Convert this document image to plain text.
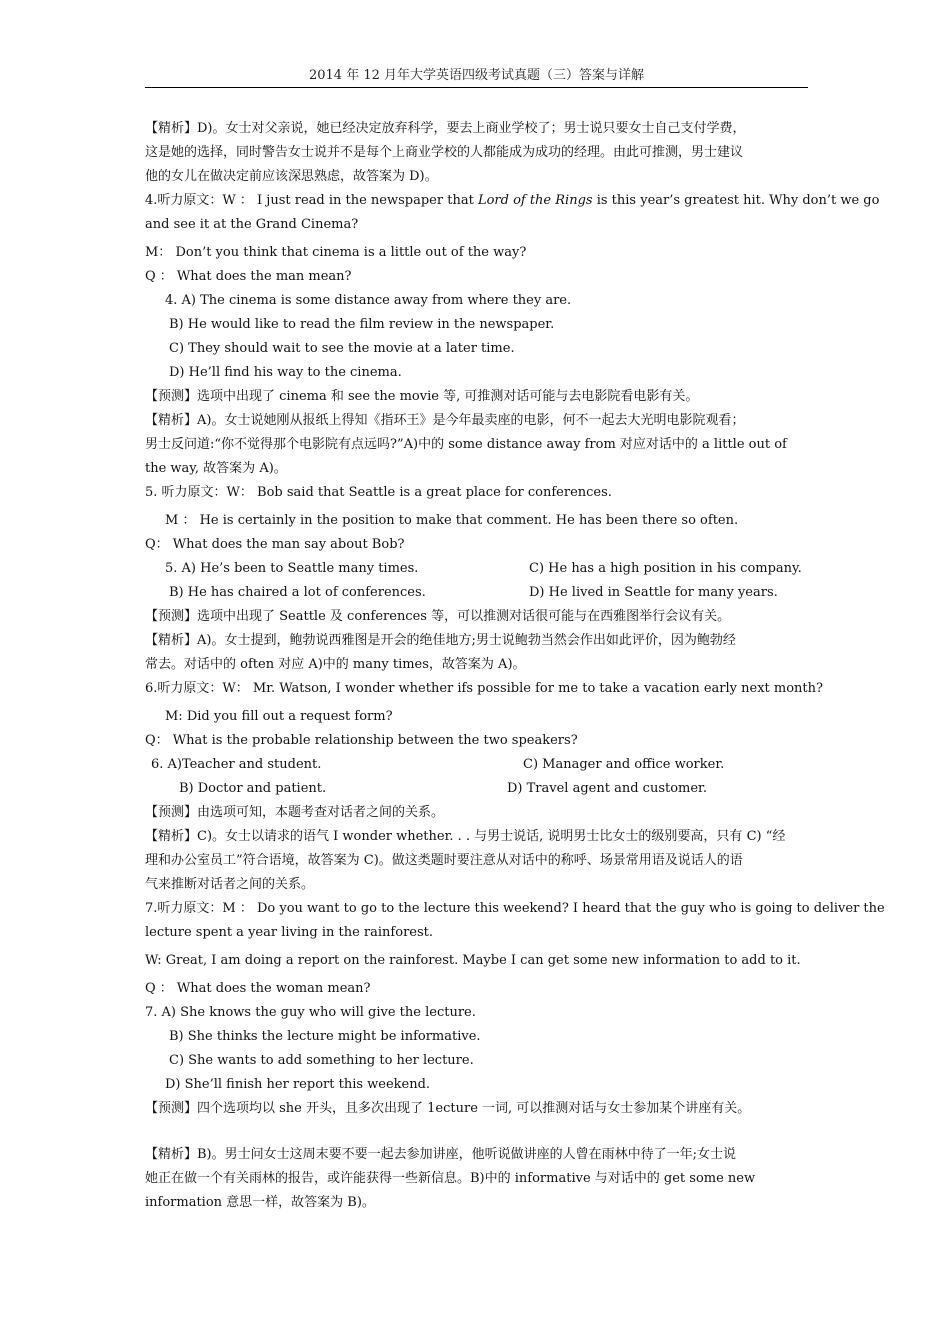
2014 年 12 月年大学英语四级考试真题（三）答案与详解
【精析】D)。女士对父亲说，她已经决定放弃科学，要去上商业学校了；男士说只要女士自己支付学费，
这是她的选择，同时警告女士说并不是每个上商业学校的人都能成为成功的经理。由此可推测，男士建议
他的女儿在做决定前应该深思熟虑，故答案为 D)。
4.听力原文：W ： I just read in the newspaper that Lord of the Rings is this year’s greatest hit. Why don’t we go
and see it at the Grand Cinema?
M： Don’t you think that cinema is a little out of the way?
Q ： What does the man mean?
4. A) The cinema is some distance away from where they are.
B) He would like to read the film review in the newspaper.
C) They should wait to see the movie at a later time.
D) He’ll find his way to the cinema.
【预测】选项中出现了 cinema 和 see the movie 等, 可推测对话可能与去电影院看电影有关。
【精析】A)。女士说她刚从报纸上得知《指环王》是今年最卖座的电影，何不一起去大光明电影院观看；
男士反问道:“你不觉得那个电影院有点远吗?”A)中的 some distance away from 对应对话中的 a little out of
the way, 故答案为 A)。
5. 听力原文：W： Bob said that Seattle is a great place for conferences.
M ： He is certainly in the position to make that comment. He has been there so often.
Q： What does the man say about Bob?
5. A) He’s been to Seattle many times.	C) He has a high position in his company.
B) He has chaired a lot of conferences.	D) He lived in Seattle for many years.
【预测】选项中出现了 Seattle 及 conferences 等，可以推测对话很可能与在西雅图举行会议有关。
【精析】A)。女士提到，鲍勃说西雅图是开会的绝佳地方;男士说鲍勃当然会作出如此评价，因为鲍勃经
常去。对话中的 often 对应 A)中的 many times，故答案为 A)。
6.听力原文：W： Mr. Watson, I wonder whether ifs possible for me to take a vacation early next month?
M: Did you fill out a request form?
Q： What is the probable relationship between the two speakers?
6. A)Teacher and student.	C) Manager and office worker.
B) Doctor and patient.	D) Travel agent and customer.
【预测】由选项可知，本题考查对话者之间的关系。
【精析】C)。女士以请求的语气 I wonder whether. . . 与男士说话, 说明男士比女士的级别要高，只有 C) “经
理和办公室员工”符合语境，故答案为 C)。做这类题时要注意从对话中的称呼、场景常用语及说话人的语
气来推断对话者之间的关系。
7.听力原文：M ： Do you want to go to the lecture this weekend? I heard that the guy who is going to deliver the
lecture spent a year living in the rainforest.
W: Great, I am doing a report on the rainforest. Maybe I can get some new information to add to it.
Q ： What does the woman mean?
7. A) She knows the guy who will give the lecture.
B) She thinks the lecture might be informative.
C) She wants to add something to her lecture.
D) She’ll finish her report this weekend.
【预测】四个选项均以 she 开头，且多次出现了 1ecture 一词, 可以推测对话与女士参加某个讲座有关。
【精析】B)。男士问女士这周末要不要一起去参加讲座，他听说做讲座的人曾在雨林中待了一年;女士说
她正在做一个有关雨林的报告，或许能获得一些新信息。B)中的 informative 与对话中的 get some new
information 意思一样，故答案为 B)。
